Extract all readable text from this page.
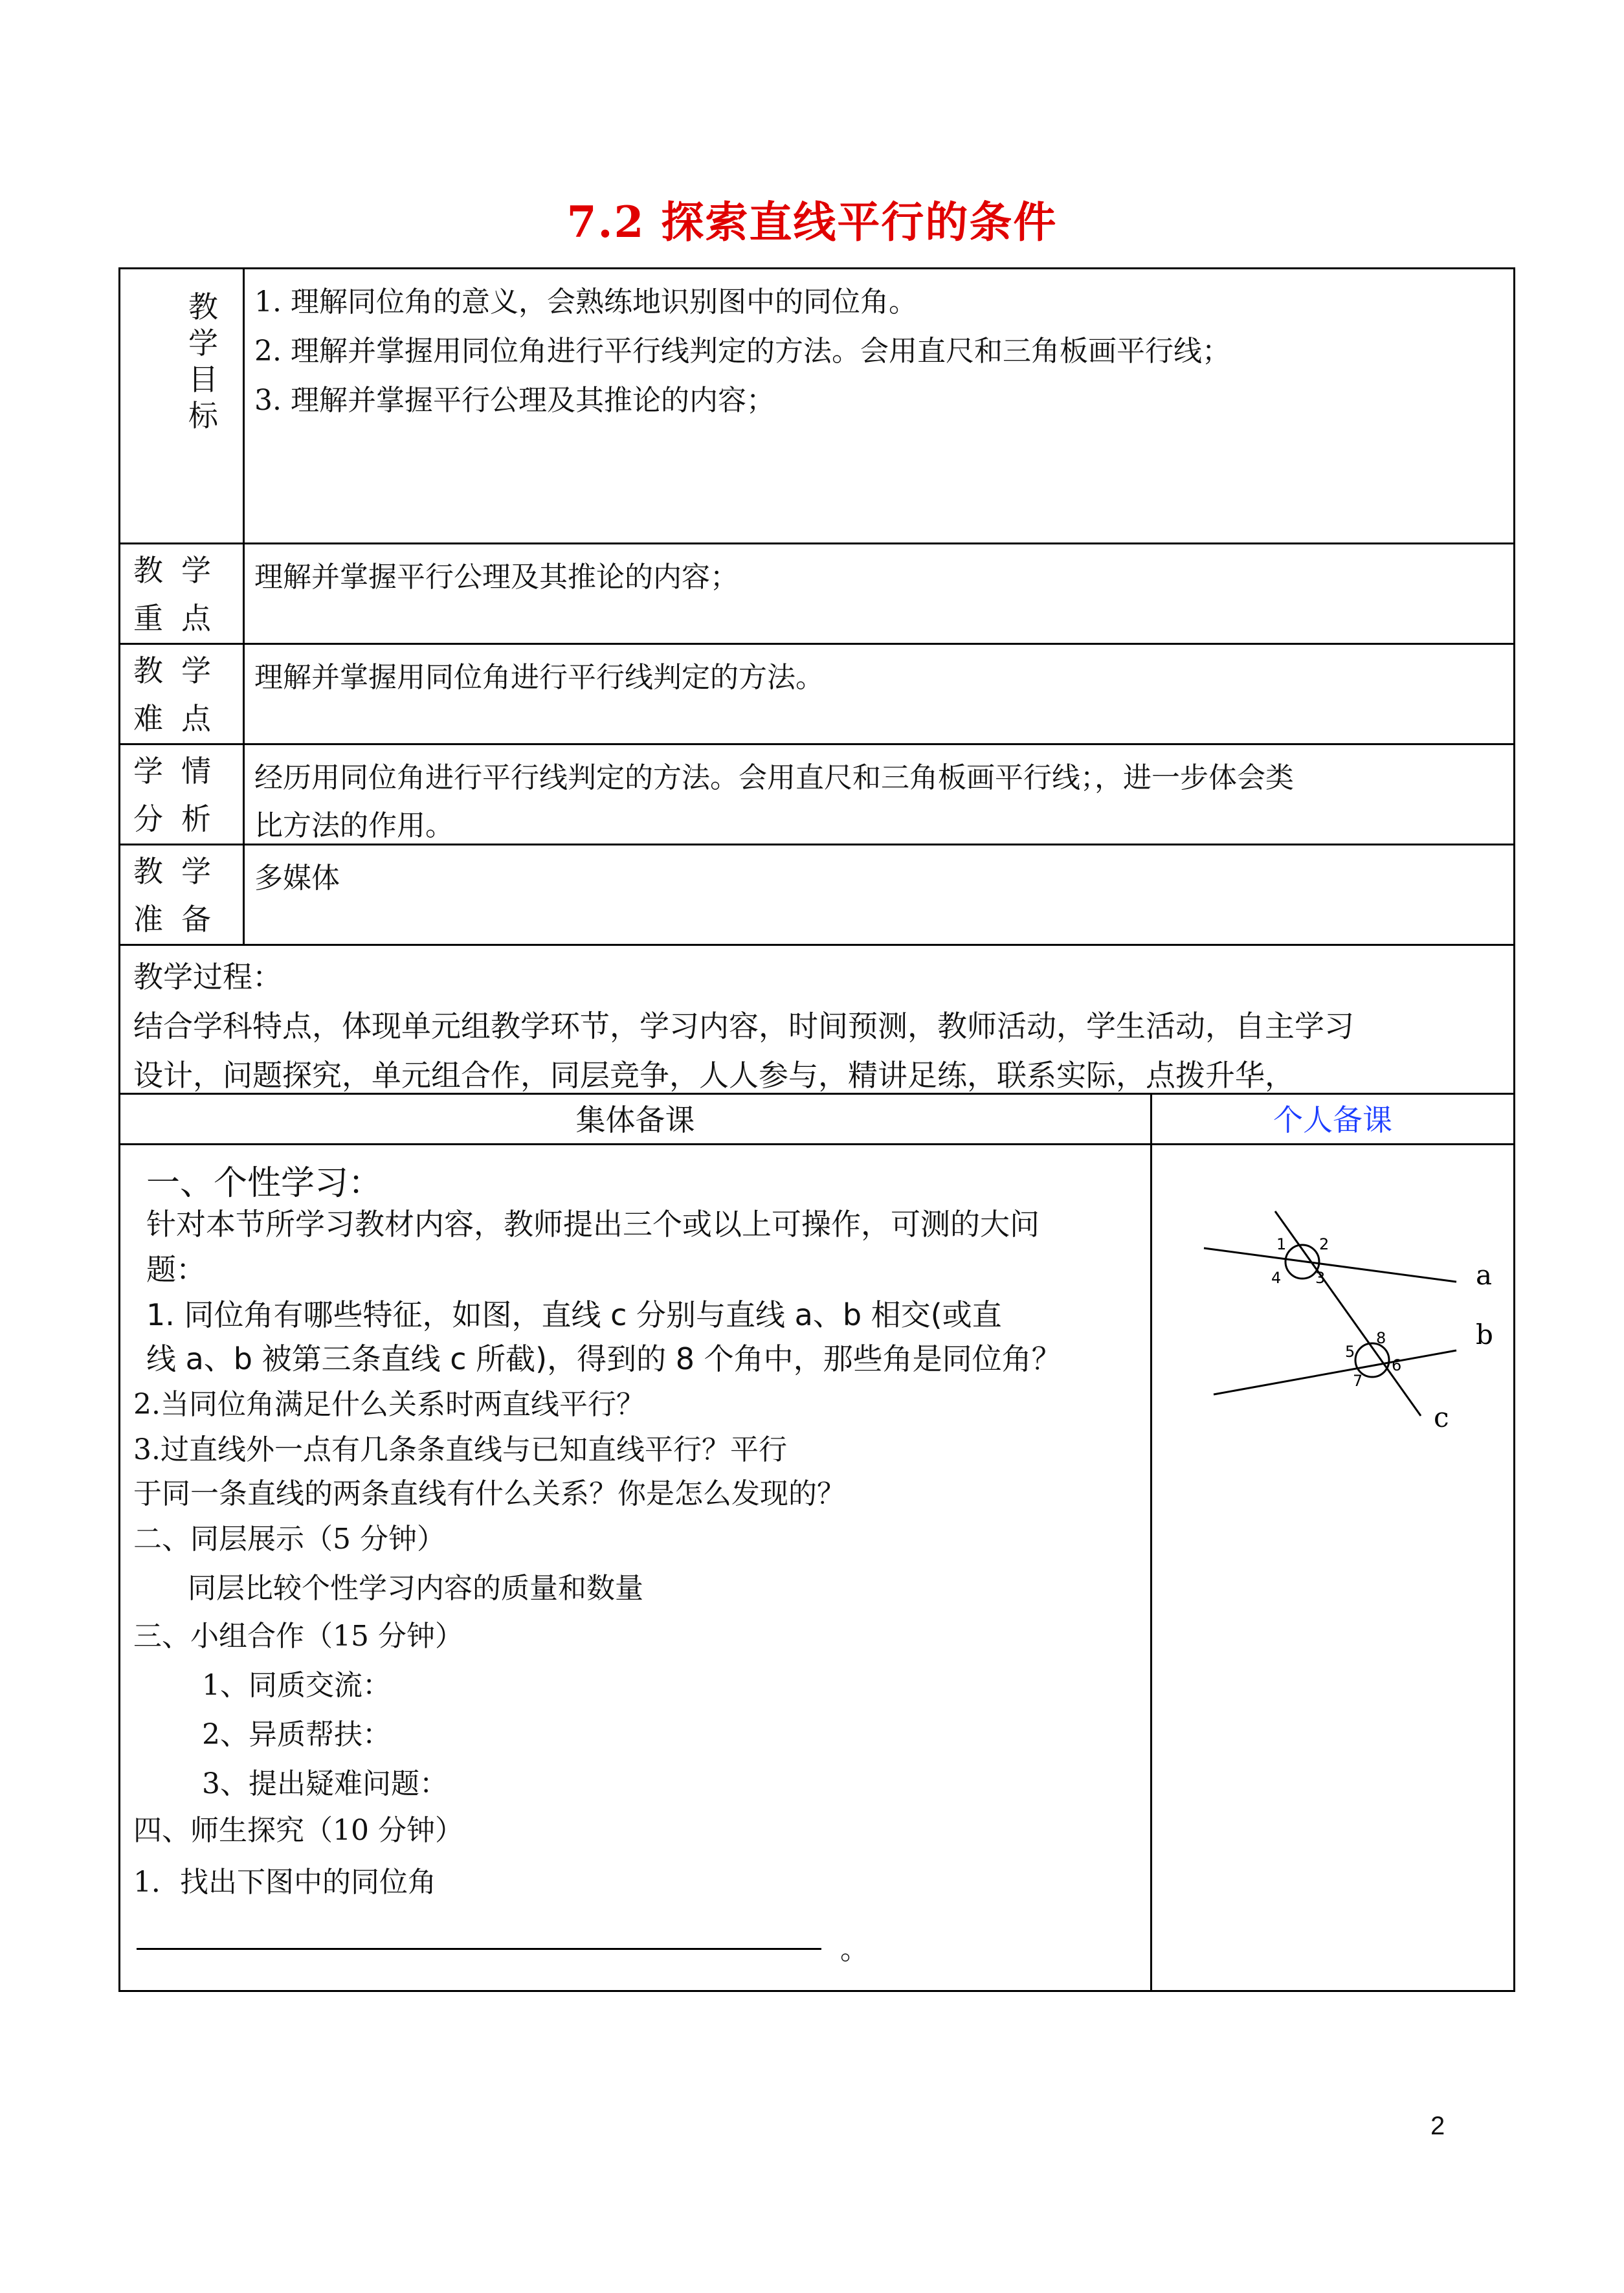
7.2 探索直线平行的条件
教
学
目
标
1. 理解同位角的意义，会熟练地识别图中的同位角。
2. 理解并掌握用同位角进行平行线判定的方法。会用直尺和三角板画平行线；
3. 理解并掌握平行公理及其推论的内容；
教学
重点
理解并掌握平行公理及其推论的内容；
教学
难点
理解并掌握用同位角进行平行线判定的方法。
学情
分析
经历用同位角进行平行线判定的方法。会用直尺和三角板画平行线；，进一步体会类
比方法的作用。
教学
准备
多媒体
教学过程：
结合学科特点，体现单元组教学环节，学习内容，时间预测，教师活动，学生活动，自主学习
设计，问题探究，单元组合作，同层竞争，人人参与，精讲足练，联系实际，点拨升华，
集体备课
一、个性学习：
针对本节所学习教材内容，教师提出三个或以上可操作，可测的大问
题：
1. 同位角有哪些特征，如图，直线 c 分别与直线 a、b 相交(或直
线 a、b 被第三条直线 c 所截)，得到的 8 个角中，那些角是同位角？
2.当同位角满足什么关系时两直线平行？
3.过直线外一点有几条条直线与已知直线平行？平行
于同一条直线的两条直线有什么关系？你是怎么发现的？
二、同层展示（5 分钟）
同层比较个性学习内容的质量和数量
三、小组合作（15 分钟）
1、同质交流：
2、异质帮扶：
3、提出疑难问题：
四、师生探究（10 分钟）
1．找出下图中的同位角
。
个人备课
1 2
3
4
5
6
7
8
a
b
c
2
